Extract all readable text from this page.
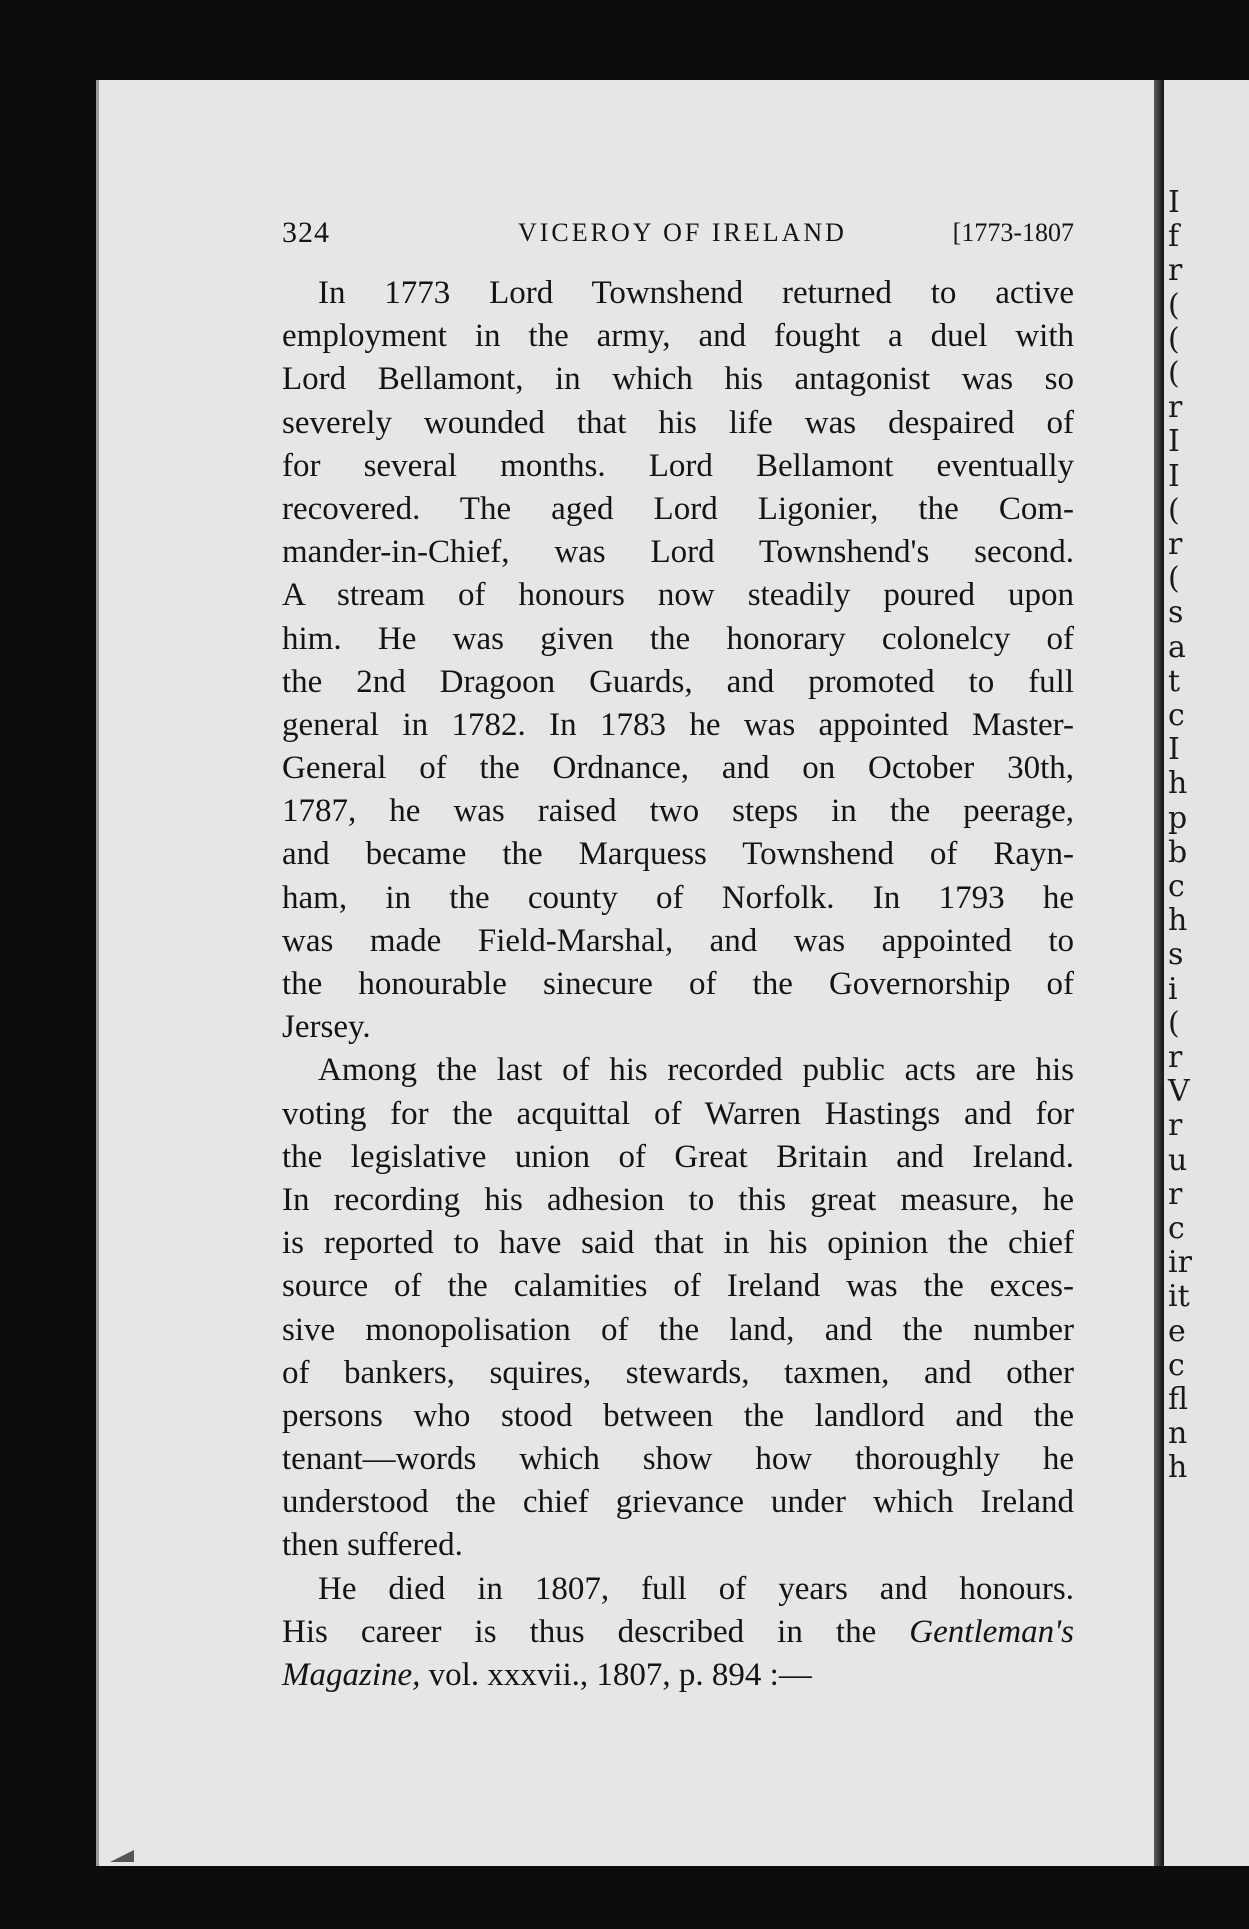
I
f
r
(
(
(
r
I
I
(
r
(
s
a
t
c
I
h
p
b
c
h
s
i
(
r
V
r
u
r
c
ir
it
e
c
fl
n
h
324	VICEROY OF IRELAND	[1773-1807
In 1773 Lord Townshend returned to active
employment in the army, and fought a duel with
Lord Bellamont, in which his antagonist was so
severely wounded that his life was despaired of
for several months. Lord Bellamont eventually
recovered. The aged Lord Ligonier, the Com-
mander-in-Chief, was Lord Townshend's second.
A stream of honours now steadily poured upon
him. He was given the honorary colonelcy of
the 2nd Dragoon Guards, and promoted to full
general in 1782. In 1783 he was appointed Master-
General of the Ordnance, and on October 30th,
1787, he was raised two steps in the peerage,
and became the Marquess Townshend of Rayn-
ham, in the county of Norfolk. In 1793 he
was made Field-Marshal, and was appointed to
the honourable sinecure of the Governorship of
Jersey.
Among the last of his recorded public acts are his
voting for the acquittal of Warren Hastings and for
the legislative union of Great Britain and Ireland.
In recording his adhesion to this great measure, he
is reported to have said that in his opinion the chief
source of the calamities of Ireland was the exces-
sive monopolisation of the land, and the number
of bankers, squires, stewards, taxmen, and other
persons who stood between the landlord and the
tenant—words which show how thoroughly he
understood the chief grievance under which Ireland
then suffered.
He died in 1807, full of years and honours.
His career is thus described in the Gentleman's
Magazine, vol. xxxvii., 1807, p. 894 :—
